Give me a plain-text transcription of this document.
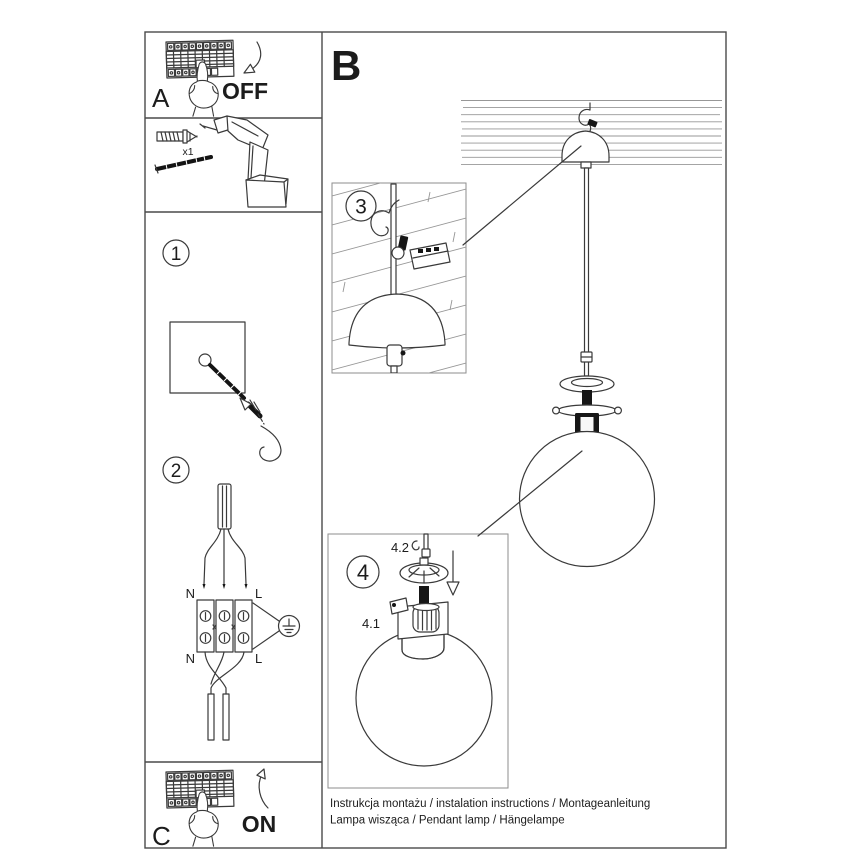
OFF
A
x1
1
2
N	L
N	L
ON
C
B
3
4
4.2
4.1
Instrukcja montażu / instalation instructions / Montageanleitung
Lampa wisząca / Pendant lamp / Hängelampe
